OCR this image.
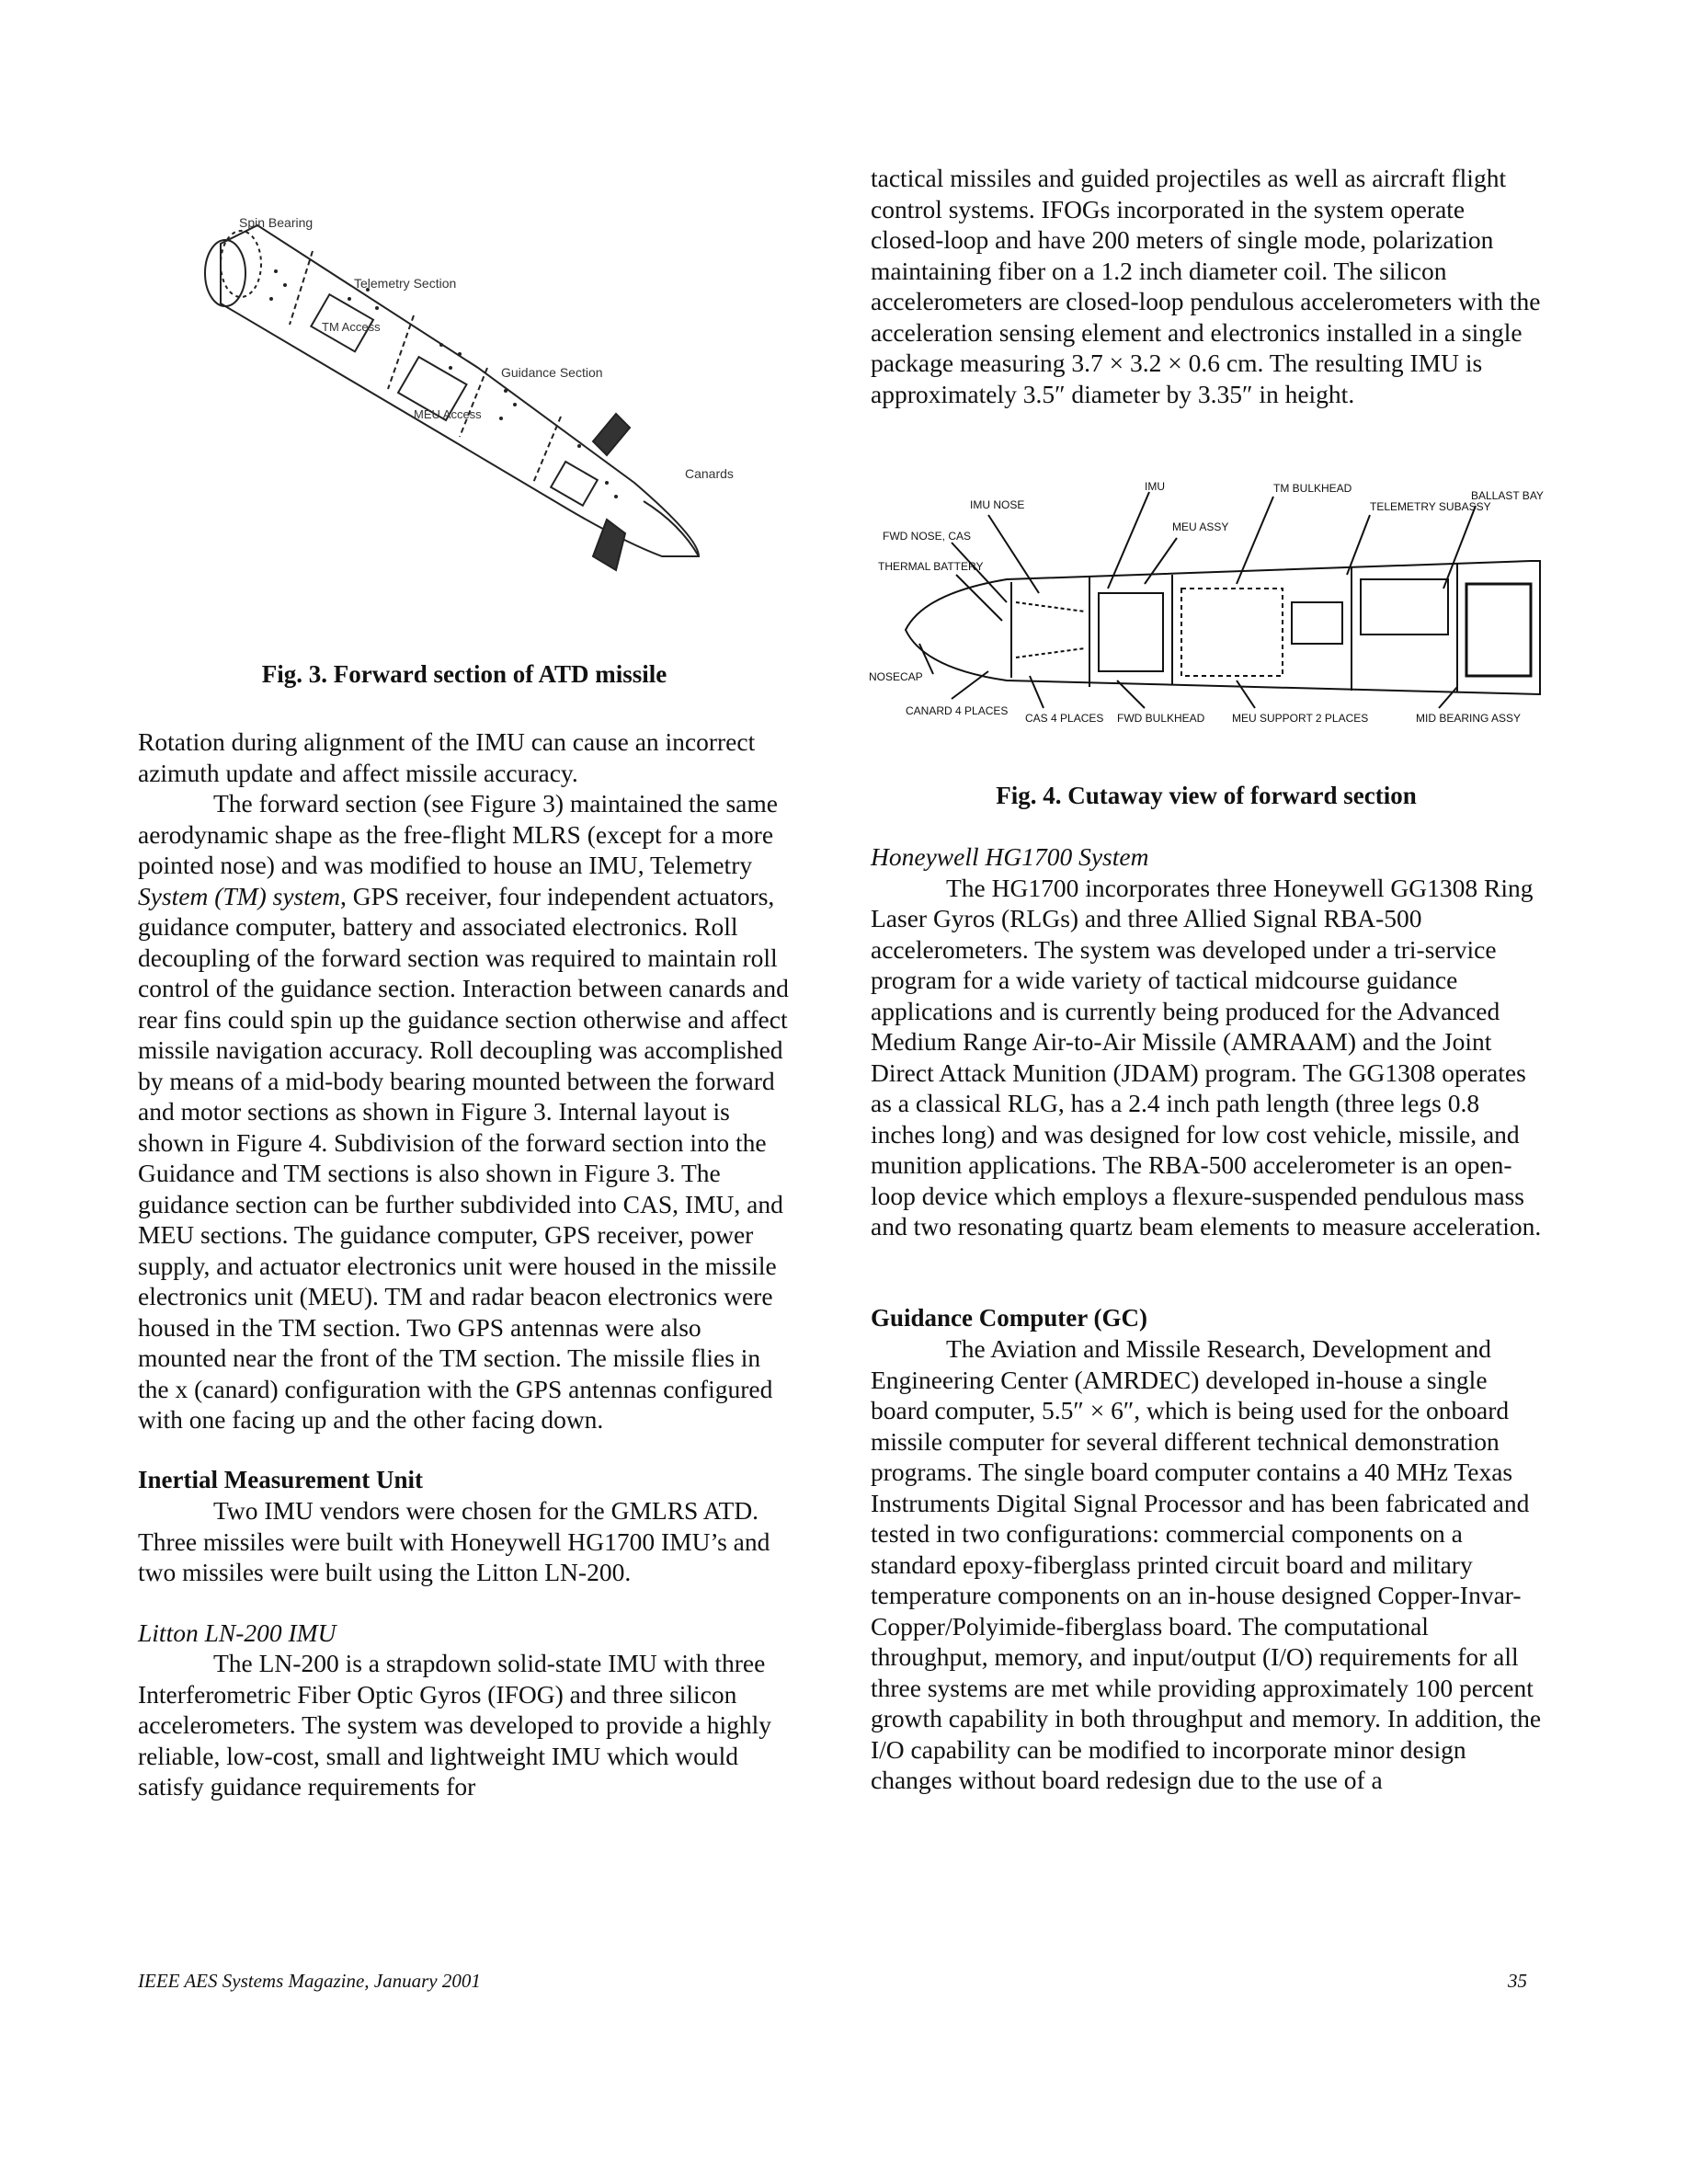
Spin Bearing
Telemetry Section
TM Access
Guidance Section
MEU Access
Canards
Fig. 3. Forward section of ATD missile
IMU NOSE
IMU
FWD NOSE, CAS
MEU ASSY
TM BULKHEAD
TELEMETRY SUBASSY
BALLAST BAY
THERMAL BATTERY
NOSECAP
CANARD 4 PLACES
CAS 4 PLACES FWD BULKHEAD MEU SUPPORT 2 PLACES	MID BEARING ASSY
Fig. 4. Cutaway view of forward section

Rotation during alignment of the IMU can cause an incorrect azimuth update and affect missile accuracy.

The forward section (see Figure 3) maintained the same aerodynamic shape as the free-flight MLRS (except for a more pointed nose) and was modified to house an IMU, Telemetry System (TM) system, GPS receiver, four independent actuators, guidance computer, battery and associated electronics. Roll decoupling of the forward section was required to maintain roll control of the guidance section. Interaction between canards and rear fins could spin up the guidance section otherwise and affect missile navigation accuracy. Roll decoupling was accomplished by means of a mid-body bearing mounted between the forward and motor sections as shown in Figure 3. Internal layout is shown in Figure 4. Subdivision of the forward section into the Guidance and TM sections is also shown in Figure 3. The guidance section can be further subdivided into CAS, IMU, and MEU sections. The guidance computer, GPS receiver, power supply, and actuator electronics unit were housed in the missile electronics unit (MEU). TM and radar beacon electronics were housed in the TM section. Two GPS antennas were also mounted near the front of the TM section. The missile flies in the x (canard) configuration with the GPS antennas configured with one facing up and the other facing down.

Inertial Measurement Unit

Two IMU vendors were chosen for the GMLRS ATD. Three missiles were built with Honeywell HG1700 IMU’s and two missiles were built using the Litton LN-200.

Litton LN-200 IMU

The LN-200 is a strapdown solid-state IMU with three Interferometric Fiber Optic Gyros (IFOG) and three silicon accelerometers. The system was developed to provide a highly reliable, low-cost, small and lightweight IMU which would satisfy guidance requirements for

tactical missiles and guided projectiles as well as aircraft flight control systems. IFOGs incorporated in the system operate closed-loop and have 200 meters of single mode, polarization maintaining fiber on a 1.2 inch diameter coil. The silicon accelerometers are closed-loop pendulous accelerometers with the acceleration sensing element and electronics installed in a single package measuring 3.7 × 3.2 × 0.6 cm. The resulting IMU is approximately 3.5″ diameter by 3.35″ in height.

Honeywell HG1700 System

The HG1700 incorporates three Honeywell GG1308 Ring Laser Gyros (RLGs) and three Allied Signal RBA-500 accelerometers. The system was developed under a tri-service program for a wide variety of tactical midcourse guidance applications and is currently being produced for the Advanced Medium Range Air-to-Air Missile (AMRAAM) and the Joint Direct Attack Munition (JDAM) program. The GG1308 operates as a classical RLG, has a 2.4 inch path length (three legs 0.8 inches long) and was designed for low cost vehicle, missile, and munition applications. The RBA-500 accelerometer is an open-loop device which employs a flexure-suspended pendulous mass and two resonating quartz beam elements to measure acceleration.

Guidance Computer (GC)

The Aviation and Missile Research, Development and Engineering Center (AMRDEC) developed in-house a single board computer, 5.5″ × 6″, which is being used for the onboard missile computer for several different technical demonstration programs. The single board computer contains a 40 MHz Texas Instruments Digital Signal Processor and has been fabricated and tested in two configurations: commercial components on a standard epoxy-fiberglass printed circuit board and military temperature components on an in-house designed Copper-Invar-Copper/Polyimide-fiberglass board. The computational throughput, memory, and input/output (I/O) requirements for all three systems are met while providing approximately 100 percent growth capability in both throughput and memory. In addition, the I/O capability can be modified to incorporate minor design changes without board redesign due to the use of a

IEEE AES Systems Magazine, January 2001	35
